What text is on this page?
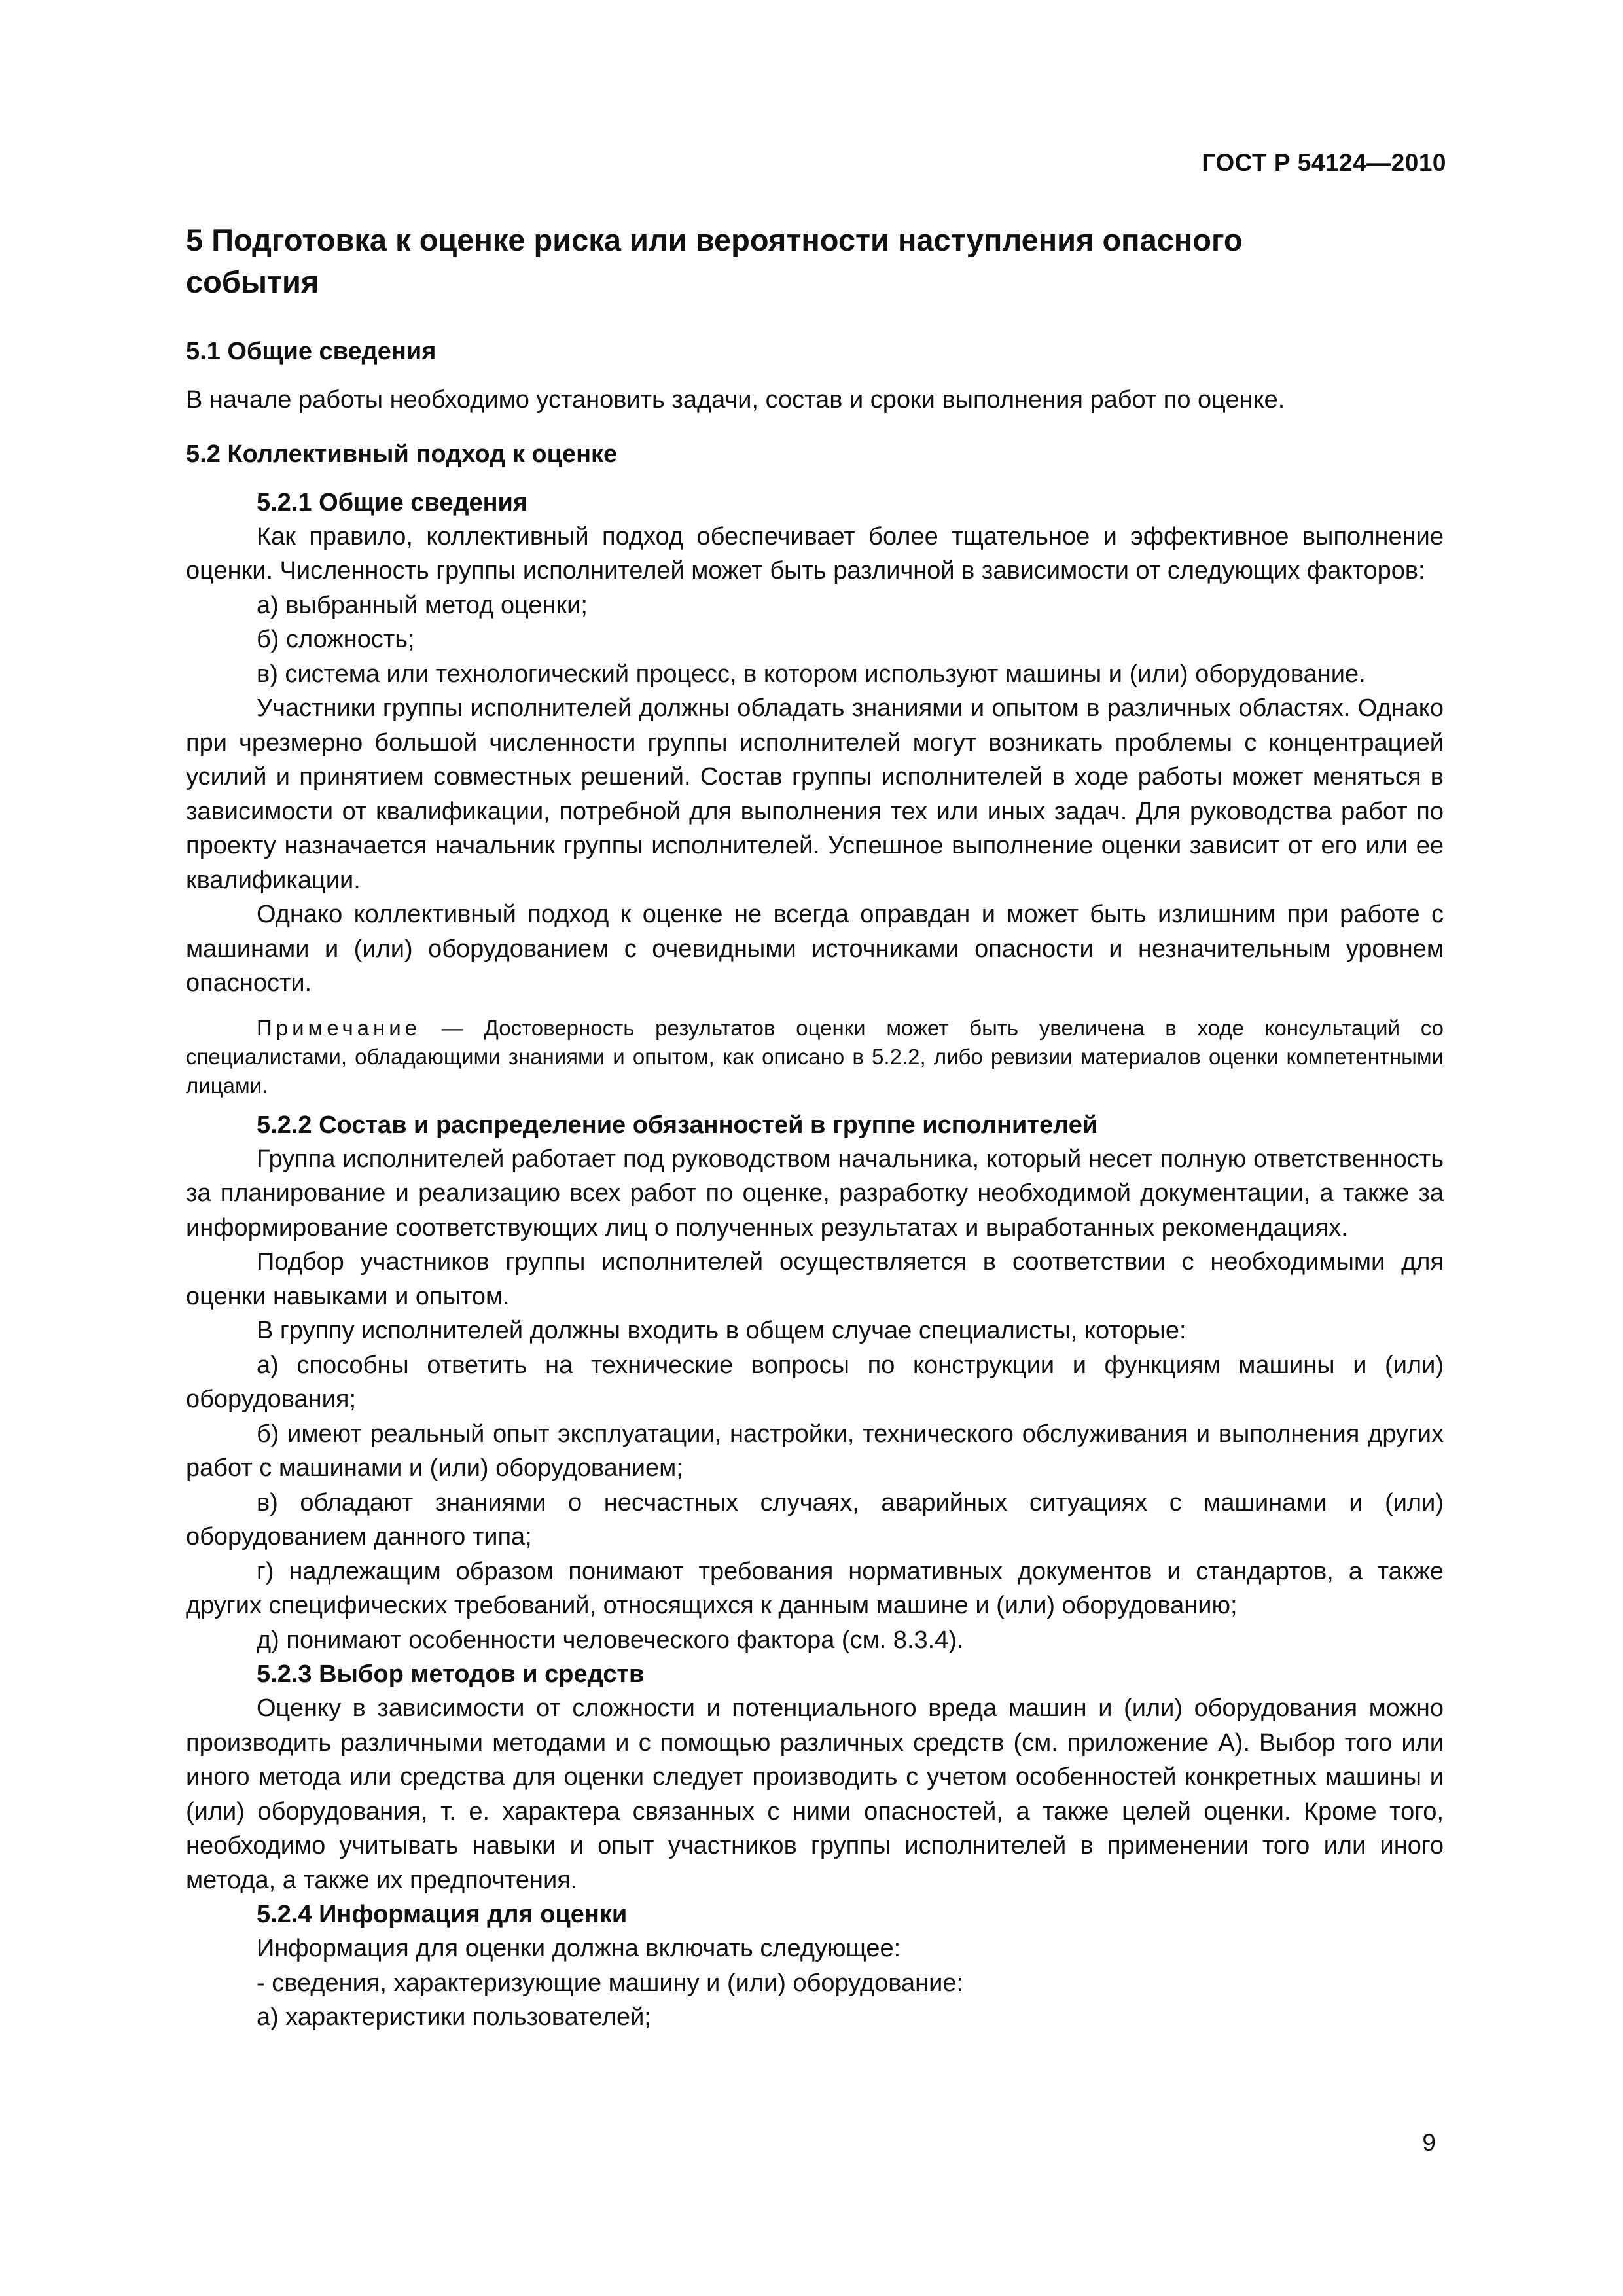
ГОСТ Р 54124—2010
5 Подготовка к оценке риска или вероятности наступления опасного
события

5.1 Общие сведения

В начале работы необходимо установить задачи, состав и сроки выполнения работ по оценке.

5.2 Коллективный подход к оценке

5.2.1 Общие сведения

Как правило, коллективный подход обеспечивает более тщательное и эффективное выполнение оценки. Численность группы исполнителей может быть различной в зависимости от следующих факторов:

а) выбранный метод оценки;

б) сложность;

в) система или технологический процесс, в котором используют машины и (или) оборудование.

Участники группы исполнителей должны обладать знаниями и опытом в различных областях. Однако при чрезмерно большой численности группы исполнителей могут возникать проблемы с концентрацией усилий и принятием совместных решений. Состав группы исполнителей в ходе работы может меняться в зависимости от квалификации, потребной для выполнения тех или иных задач. Для руководства работ по проекту назначается начальник группы исполнителей. Успешное выполнение оценки зависит от его или ее квалификации.

Однако коллективный подход к оценке не всегда оправдан и может быть излишним при работе с машинами и (или) оборудованием с очевидными источниками опасности и незначительным уровнем опасности.

Примечание — Достоверность результатов оценки может быть увеличена в ходе консультаций со специалистами, обладающими знаниями и опытом, как описано в 5.2.2, либо ревизии материалов оценки компетентными лицами.

5.2.2 Состав и распределение обязанностей в группе исполнителей

Группа исполнителей работает под руководством начальника, который несет полную ответственность за планирование и реализацию всех работ по оценке, разработку необходимой документации, а также за информирование соответствующих лиц о полученных результатах и выработанных рекомендациях.

Подбор участников группы исполнителей осуществляется в соответствии с необходимыми для оценки навыками и опытом.

В группу исполнителей должны входить в общем случае специалисты, которые:

а) способны ответить на технические вопросы по конструкции и функциям машины и (или) оборудования;

б) имеют реальный опыт эксплуатации, настройки, технического обслуживания и выполнения других работ с машинами и (или) оборудованием;

в) обладают знаниями о несчастных случаях, аварийных ситуациях с машинами и (или) оборудованием данного типа;

г) надлежащим образом понимают требования нормативных документов и стандартов, а также других специфических требований, относящихся к данным машине и (или) оборудованию;

д) понимают особенности человеческого фактора (см. 8.3.4).

5.2.3 Выбор методов и средств

Оценку в зависимости от сложности и потенциального вреда машин и (или) оборудования можно производить различными методами и с помощью различных средств (см. приложение А). Выбор того или иного метода или средства для оценки следует производить с учетом особенностей конкретных машины и (или) оборудования, т. е. характера связанных с ними опасностей, а также целей оценки. Кроме того, необходимо учитывать навыки и опыт участников группы исполнителей в применении того или иного метода, а также их предпочтения.

5.2.4 Информация для оценки

Информация для оценки должна включать следующее:

- сведения, характеризующие машину и (или) оборудование:

а) характеристики пользователей;

9
